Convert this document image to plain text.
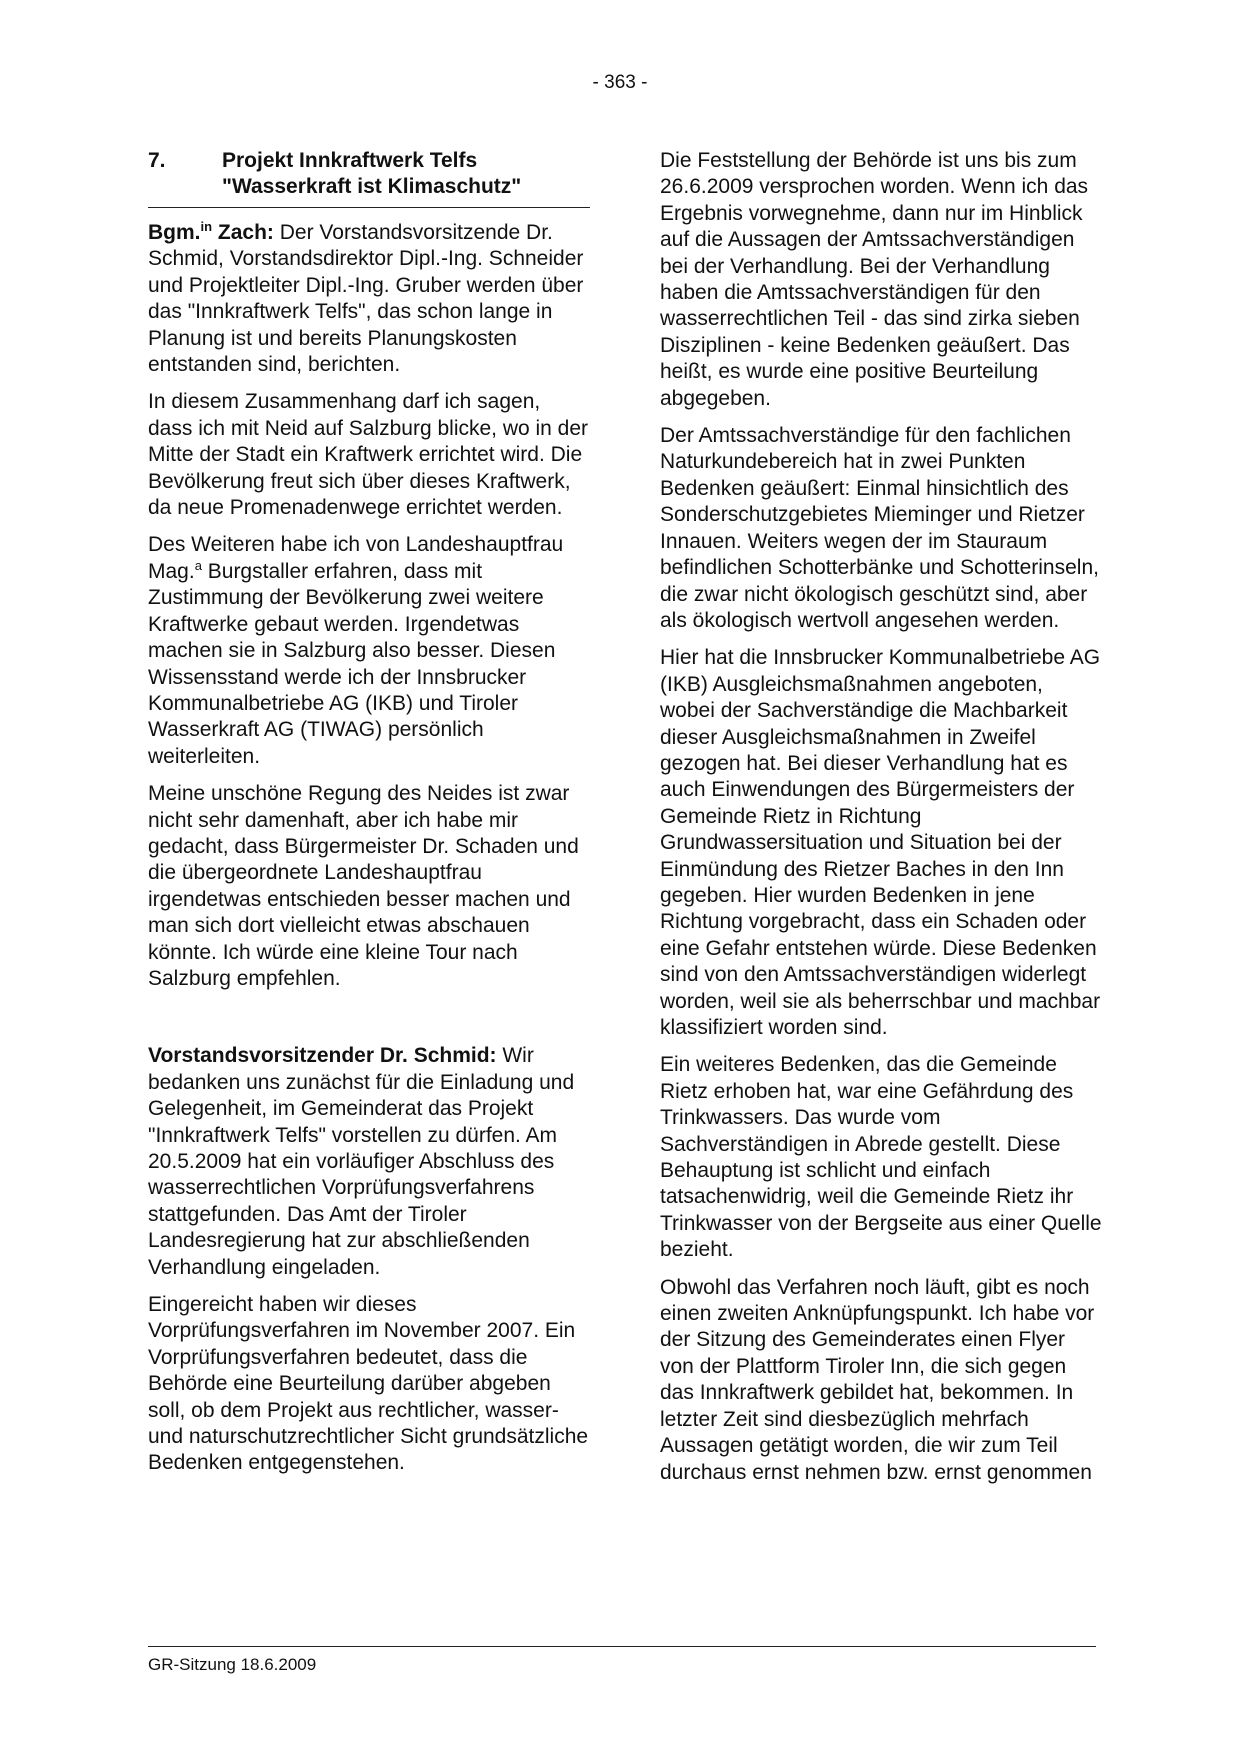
- 363 -
7.	Projekt Innkraftwerk Telfs
"Wasserkraft ist Klimaschutz"

Bgm.$^{in}$ Zach: Der Vorstandsvorsitzende Dr. Schmid, Vorstandsdirektor Dipl.-Ing. Schneider und Projektleiter Dipl.-Ing. Gruber werden über das "Innkraftwerk Telfs", das schon lange in Planung ist und bereits Planungskosten entstanden sind, berichten.

In diesem Zusammenhang darf ich sagen, dass ich mit Neid auf Salzburg blicke, wo in der Mitte der Stadt ein Kraftwerk errichtet wird. Die Bevölkerung freut sich über dieses Kraftwerk, da neue Promenadenwege errichtet werden.

Des Weiteren habe ich von Landeshauptfrau Mag.$^a$ Burgstaller erfahren, dass mit Zustimmung der Bevölkerung zwei weitere Kraftwerke gebaut werden. Irgendetwas machen sie in Salzburg also besser. Diesen Wissensstand werde ich der Innsbrucker Kommunalbetriebe AG (IKB) und Tiroler Wasserkraft AG (TIWAG) persönlich weiterleiten.

Meine unschöne Regung des Neides ist zwar nicht sehr damenhaft, aber ich habe mir gedacht, dass Bürgermeister Dr. Schaden und die übergeordnete Landeshauptfrau irgendetwas entschieden besser machen und man sich dort vielleicht etwas abschauen könnte. Ich würde eine kleine Tour nach Salzburg empfehlen.

Vorstandsvorsitzender Dr. Schmid: Wir bedanken uns zunächst für die Einladung und Gelegenheit, im Gemeinderat das Projekt "Innkraftwerk Telfs" vorstellen zu dürfen. Am 20.5.2009 hat ein vorläufiger Abschluss des wasserrechtlichen Vorprüfungsverfahrens stattgefunden. Das Amt der Tiroler Landesregierung hat zur abschließenden Verhandlung eingeladen.

Eingereicht haben wir dieses Vorprüfungsverfahren im November 2007. Ein Vorprüfungsverfahren bedeutet, dass die Behörde eine Beurteilung darüber abgeben soll, ob dem Projekt aus rechtlicher, wasser- und naturschutzrechtlicher Sicht grundsätzliche Bedenken entgegenstehen.

Die Feststellung der Behörde ist uns bis zum 26.6.2009 versprochen worden. Wenn ich das Ergebnis vorwegnehme, dann nur im Hinblick auf die Aussagen der Amtssachverständigen bei der Verhandlung. Bei der Verhandlung haben die Amtssachverständigen für den wasserrechtlichen Teil - das sind zirka sieben Disziplinen - keine Bedenken geäußert. Das heißt, es wurde eine positive Beurteilung abgegeben.

Der Amtssachverständige für den fachlichen Naturkundebereich hat in zwei Punkten Bedenken geäußert: Einmal hinsichtlich des Sonderschutzgebietes Mieminger und Rietzer Innauen. Weiters wegen der im Stauraum befindlichen Schotterbänke und Schotterinseln, die zwar nicht ökologisch geschützt sind, aber als ökologisch wertvoll angesehen werden.

Hier hat die Innsbrucker Kommunalbetriebe AG (IKB) Ausgleichsmaßnahmen angeboten, wobei der Sachverständige die Machbarkeit dieser Ausgleichsmaßnahmen in Zweifel gezogen hat. Bei dieser Verhandlung hat es auch Einwendungen des Bürgermeisters der Gemeinde Rietz in Richtung Grundwassersituation und Situation bei der Einmündung des Rietzer Baches in den Inn gegeben. Hier wurden Bedenken in jene Richtung vorgebracht, dass ein Schaden oder eine Gefahr entstehen würde. Diese Bedenken sind von den Amtssachverständigen widerlegt worden, weil sie als beherrschbar und machbar klassifiziert worden sind.

Ein weiteres Bedenken, das die Gemeinde Rietz erhoben hat, war eine Gefährdung des Trinkwassers. Das wurde vom Sachverständigen in Abrede gestellt. Diese Behauptung ist schlicht und einfach tatsachenwidrig, weil die Gemeinde Rietz ihr Trinkwasser von der Bergseite aus einer Quelle bezieht.

Obwohl das Verfahren noch läuft, gibt es noch einen zweiten Anknüpfungspunkt. Ich habe vor der Sitzung des Gemeinderates einen Flyer von der Plattform Tiroler Inn, die sich gegen das Innkraftwerk gebildet hat, bekommen. In letzter Zeit sind diesbezüglich mehrfach Aussagen getätigt worden, die wir zum Teil durchaus ernst nehmen bzw. ernst genommen

GR-Sitzung 18.6.2009
